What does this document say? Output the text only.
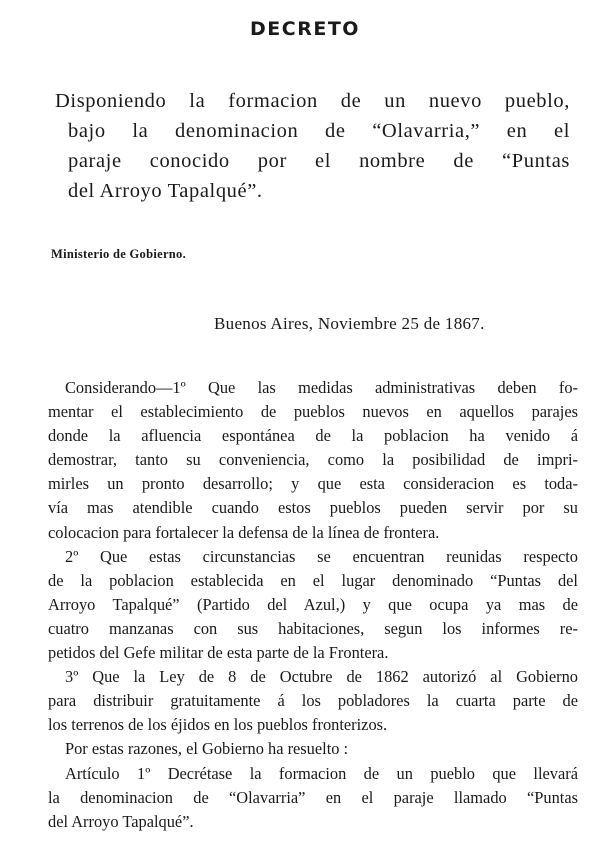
DECRETO
Disponiendo la formacion de un nuevo pueblo,
bajo la denominacion de “Olavarria,” en el
paraje conocido por el nombre de “Puntas
del Arroyo Tapalqué”.

Ministerio de Gobierno.

Buenos Aires, Noviembre 25 de 1867.

Considerando—1º Que las medidas administrativas deben fo-
mentar el establecimiento de pueblos nuevos en aquellos parajes
donde la afluencia espontánea de la poblacion ha venido á
demostrar, tanto su conveniencia, como la posibilidad de impri-
mirles un pronto desarrollo; y que esta consideracion es toda-
vía mas atendible cuando estos pueblos pueden servir por su
colocacion para fortalecer la defensa de la línea de frontera.
2º Que estas circunstancias se encuentran reunidas respecto
de la poblacion establecida en el lugar denominado “Puntas del
Arroyo Tapalqué” (Partido del Azul,) y que ocupa ya mas de
cuatro manzanas con sus habitaciones, segun los informes re-
petidos del Gefe militar de esta parte de la Frontera.
3º Que la Ley de 8 de Octubre de 1862 autorizó al Gobierno
para distribuir gratuitamente á los pobladores la cuarta parte de
los terrenos de los éjidos en los pueblos fronterizos.
Por estas razones, el Gobierno ha resuelto :
Artículo 1º Decrétase la formacion de un pueblo que llevará
la denominacion de “Olavarria” en el paraje llamado “Puntas
del Arroyo Tapalqué”.
